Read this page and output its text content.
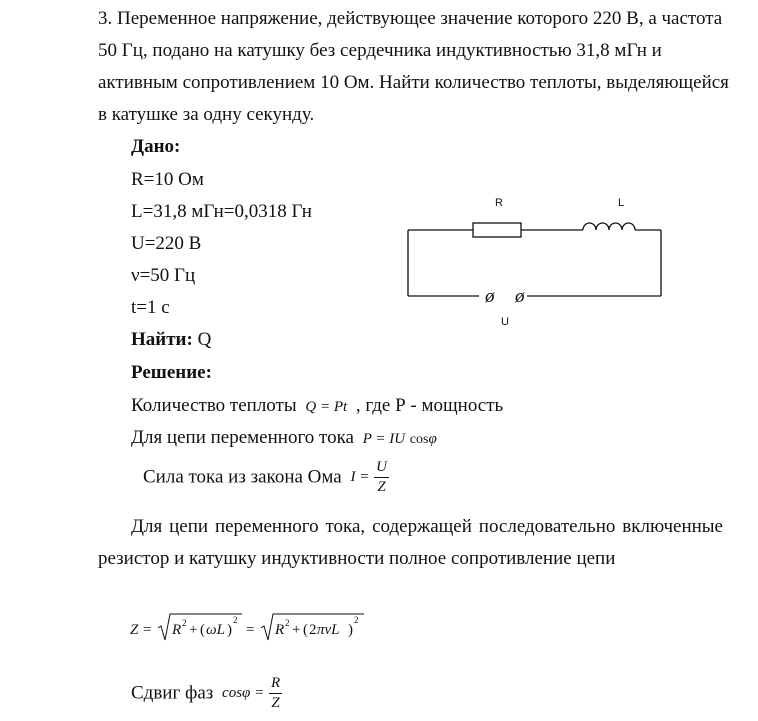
3. Переменное напряжение, действующее значение которого 220 В, а частота
50 Гц, подано на катушку без сердечника индуктивностью 31,8 мГн и
активным сопротивлением 10 Ом. Найти количество теплоты, выделяющейся
в катушке за одну секунду.
Дано:
R=10 Ом
L=31,8 мГн=0,0318 Гн
U=220 В
ν=50 Гц
t=1 с
Найти: Q
R	L
ø ø
U
Решение:
Количество теплоты Q = Pt , где Р - мощность
Для цепи переменного тока P = IU cosφ
Сила тока из закона Ома $I = \frac{U}{Z}$
Для цепи переменного тока, содержащей последовательно включенные
резистор и катушку индуктивности полное сопротивление цепи
Z = R 2 + ( ωL )
2
= R 2 + ( 2 πνL )
2
Сдвиг фаз $\cos\varphi = \frac{R}{Z}$
